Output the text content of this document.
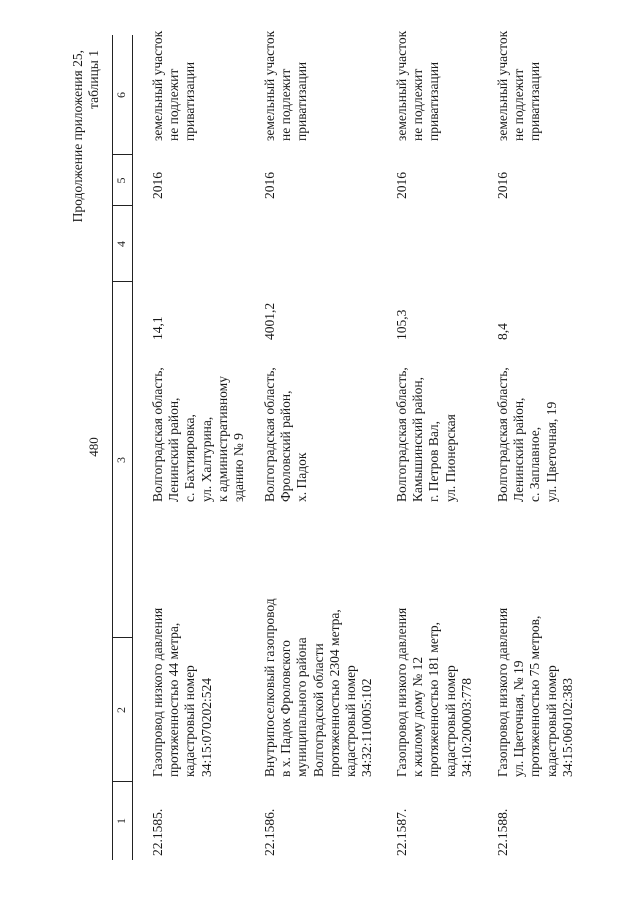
480
Продолжение приложения 25, таблицы 1
1
2
3
4
5
6
22.1585.
Газопровод низкого давления протяженностью 44 метра, кадастровый номер 34:15:070202:524
Волгоградская область, Ленинский район, с. Бахтияровка, ул. Халтурина, к административному зданию № 9
14,1
2016
земельный участок не подлежит приватизации
22.1586.
Внутрипоселковый газопровод в х. Падок Фроловского муниципального района Волгоградской области протяженностью 2304 метра, кадастровый номер 34:32:110005:102
Волгоградская область, Фроловский район, х. Падок
4001,2
2016
земельный участок не подлежит приватизации
22.1587.
Газопровод низкого давления к жилому дому № 12 протяженностью 181 метр, кадастровый номер 34:10:200003:778
Волгоградская область, Камышинский район, г. Петров Вал, ул. Пионерская
105,3
2016
земельный участок не подлежит приватизации
22.1588.
Газопровод низкого давления ул. Цветочная, № 19 протяженностью 75 метров, кадастровый номер 34:15:060102:383
Волгоградская область, Ленинский район, с. Заплавное, ул. Цветочная, 19
8,4
2016
земельный участок не подлежит приватизации
